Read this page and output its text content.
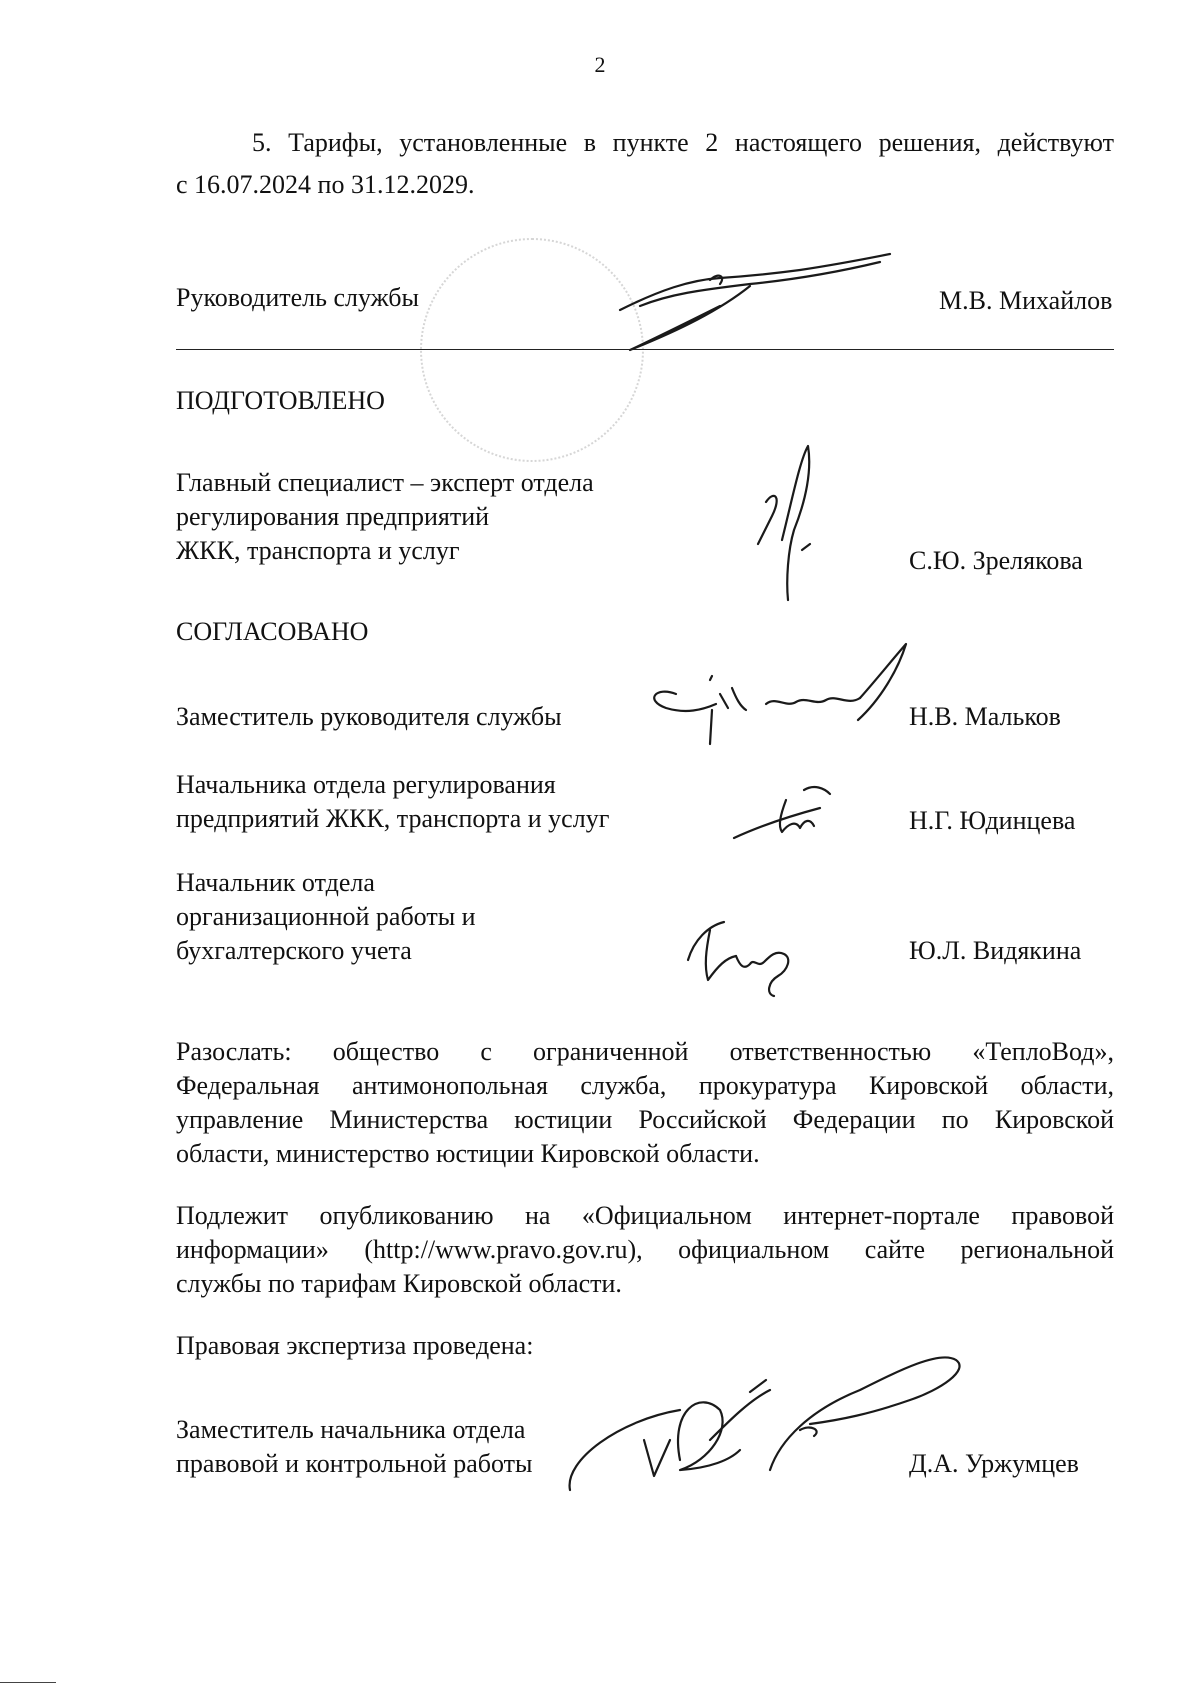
2
5. Тарифы, установленные в пункте 2 настоящего решения, действуют
с 16.07.2024 по 31.12.2029.
Руководитель службы	М.В. Михайлов
ПОДГОТОВЛЕНО
Главный специалист – эксперт отдела
регулирования предприятий
ЖКК, транспорта и услуг	С.Ю. Зрелякова
СОГЛАСОВАНО
Заместитель руководителя службы	Н.В. Мальков
Начальника отдела регулирования
предприятий ЖКК, транспорта и услуг	Н.Г. Юдинцева
Начальник отдела
организационной работы и
бухгалтерского учета	Ю.Л. Видякина
Разослать: общество с ограниченной ответственностью «ТеплоВод»,
Федеральная антимонопольная служба, прокуратура Кировской области,
управление Министерства юстиции Российской Федерации по Кировской
области, министерство юстиции Кировской области.
Подлежит опубликованию на «Официальном интернет-портале правовой
информации» (http://www.pravo.gov.ru), официальном сайте региональной
службы по тарифам Кировской области.
Правовая экспертиза проведена:
Заместитель начальника отдела
правовой и контрольной работы	Д.А. Уржумцев
